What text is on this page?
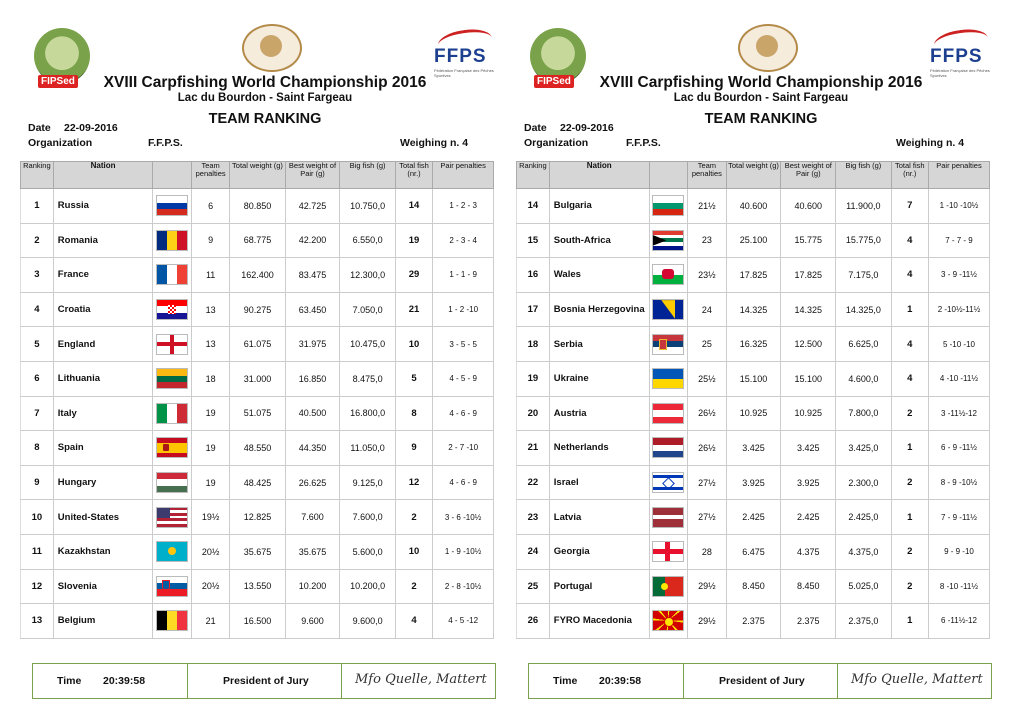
FIPSed
FFPS
Fédération Française des Pêches Sportives
XVIII Carpfishing World Championship 2016
Lac du Bourdon - Saint Fargeau
TEAM RANKING
Date 22-09-2016
Organization	F.F.P.S.	Weighing n. 4
Ranking	Nation		Team penalties	Total weight (g)	Best weight of Pair (g)	Big fish (g)	Total fish (nr.)	Pair penalties
1	Russia		6	80.850	42.725	10.750,0	14	1 - 2 - 3
2	Romania		9	68.775	42.200	6.550,0	19	2 - 3 - 4
3	France		11	162.400	83.475	12.300,0	29	1 - 1 - 9
4	Croatia		13	90.275	63.450	7.050,0	21	1 - 2 -10
5	England		13	61.075	31.975	10.475,0	10	3 - 5 - 5
6	Lithuania		18	31.000	16.850	8.475,0	5	4 - 5 - 9
7	Italy		19	51.075	40.500	16.800,0	8	4 - 6 - 9
8	Spain		19	48.550	44.350	11.050,0	9	2 - 7 -10
9	Hungary		19	48.425	26.625	9.125,0	12	4 - 6 - 9
10	United-States		19½	12.825	7.600	7.600,0	2	3 - 6 -10½
11	Kazakhstan		20½	35.675	35.675	5.600,0	10	1 - 9 -10½
12	Slovenia		20½	13.550	10.200	10.200,0	2	2 - 8 -10½
13	Belgium		21	16.500	9.600	9.600,0	4	4 - 5 -12
Time 20:39:58	President of Jury	Mfo Quelle, Mattert
FIPSed
FFPS
Fédération Française des Pêches Sportives
XVIII Carpfishing World Championship 2016
Lac du Bourdon - Saint Fargeau
TEAM RANKING
Date 22-09-2016
Organization	F.F.P.S.	Weighing n. 4
Ranking	Nation		Team penalties	Total weight (g)	Best weight of Pair (g)	Big fish (g)	Total fish (nr.)	Pair penalties
14	Bulgaria		21½	40.600	40.600	11.900,0	7	1 -10 -10½
15	South-Africa		23	25.100	15.775	15.775,0	4	7 - 7 - 9
16	Wales		23½	17.825	17.825	7.175,0	4	3 - 9 -11½
17	Bosnia Herzegovina		24	14.325	14.325	14.325,0	1	2 -10½-11½
18	Serbia		25	16.325	12.500	6.625,0	4	5 -10 -10
19	Ukraine		25½	15.100	15.100	4.600,0	4	4 -10 -11½
20	Austria		26½	10.925	10.925	7.800,0	2	3 -11½-12
21	Netherlands		26½	3.425	3.425	3.425,0	1	6 - 9 -11½
22	Israel		27½	3.925	3.925	2.300,0	2	8 - 9 -10½
23	Latvia		27½	2.425	2.425	2.425,0	1	7 - 9 -11½
24	Georgia		28	6.475	4.375	4.375,0	2	9 - 9 -10
25	Portugal		29½	8.450	8.450	5.025,0	2	8 -10 -11½
26	FYRO Macedonia		29½	2.375	2.375	2.375,0	1	6 -11½-12
Time 20:39:58	President of Jury	Mfo Quelle, Mattert
